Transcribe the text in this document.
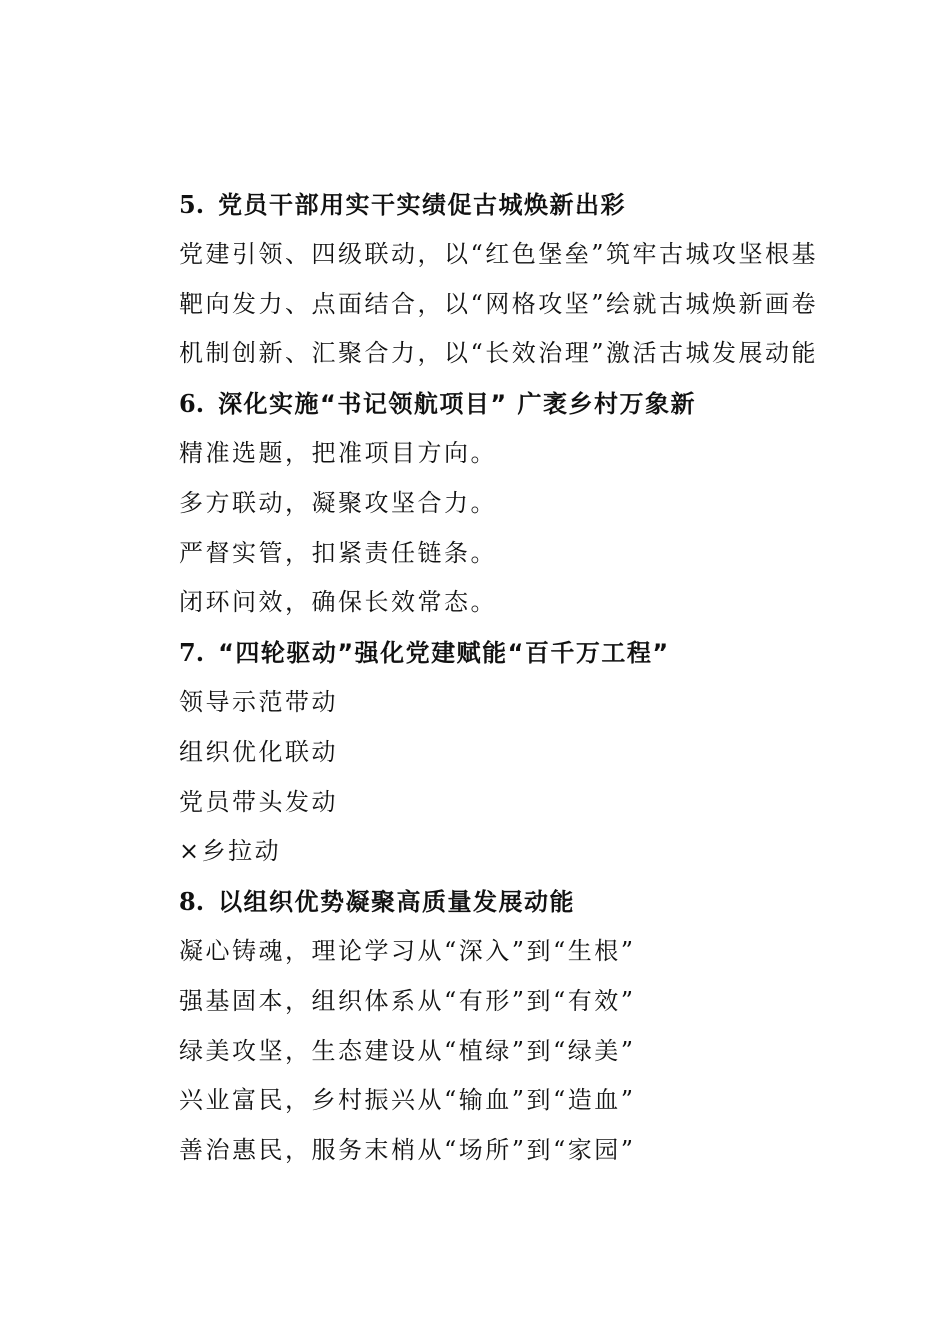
5. 党员干部用实干实绩促古城焕新出彩
党建引领、四级联动，以“红色堡垒”筑牢古城攻坚根基
靶向发力、点面结合，以“网格攻坚”绘就古城焕新画卷
机制创新、汇聚合力，以“长效治理”激活古城发展动能
6. 深化实施“书记领航项目” 广袤乡村万象新
精准选题，把准项目方向。
多方联动，凝聚攻坚合力。
严督实管，扣紧责任链条。
闭环问效，确保长效常态。
7. “四轮驱动”强化党建赋能“百千万工程”
领导示范带动
组织优化联动
党员带头发动
×乡拉动
8. 以组织优势凝聚高质量发展动能
凝心铸魂，理论学习从“深入”到“生根”
强基固本，组织体系从“有形”到“有效”
绿美攻坚，生态建设从“植绿”到“绿美”
兴业富民，乡村振兴从“输血”到“造血”
善治惠民，服务末梢从“场所”到“家园”
